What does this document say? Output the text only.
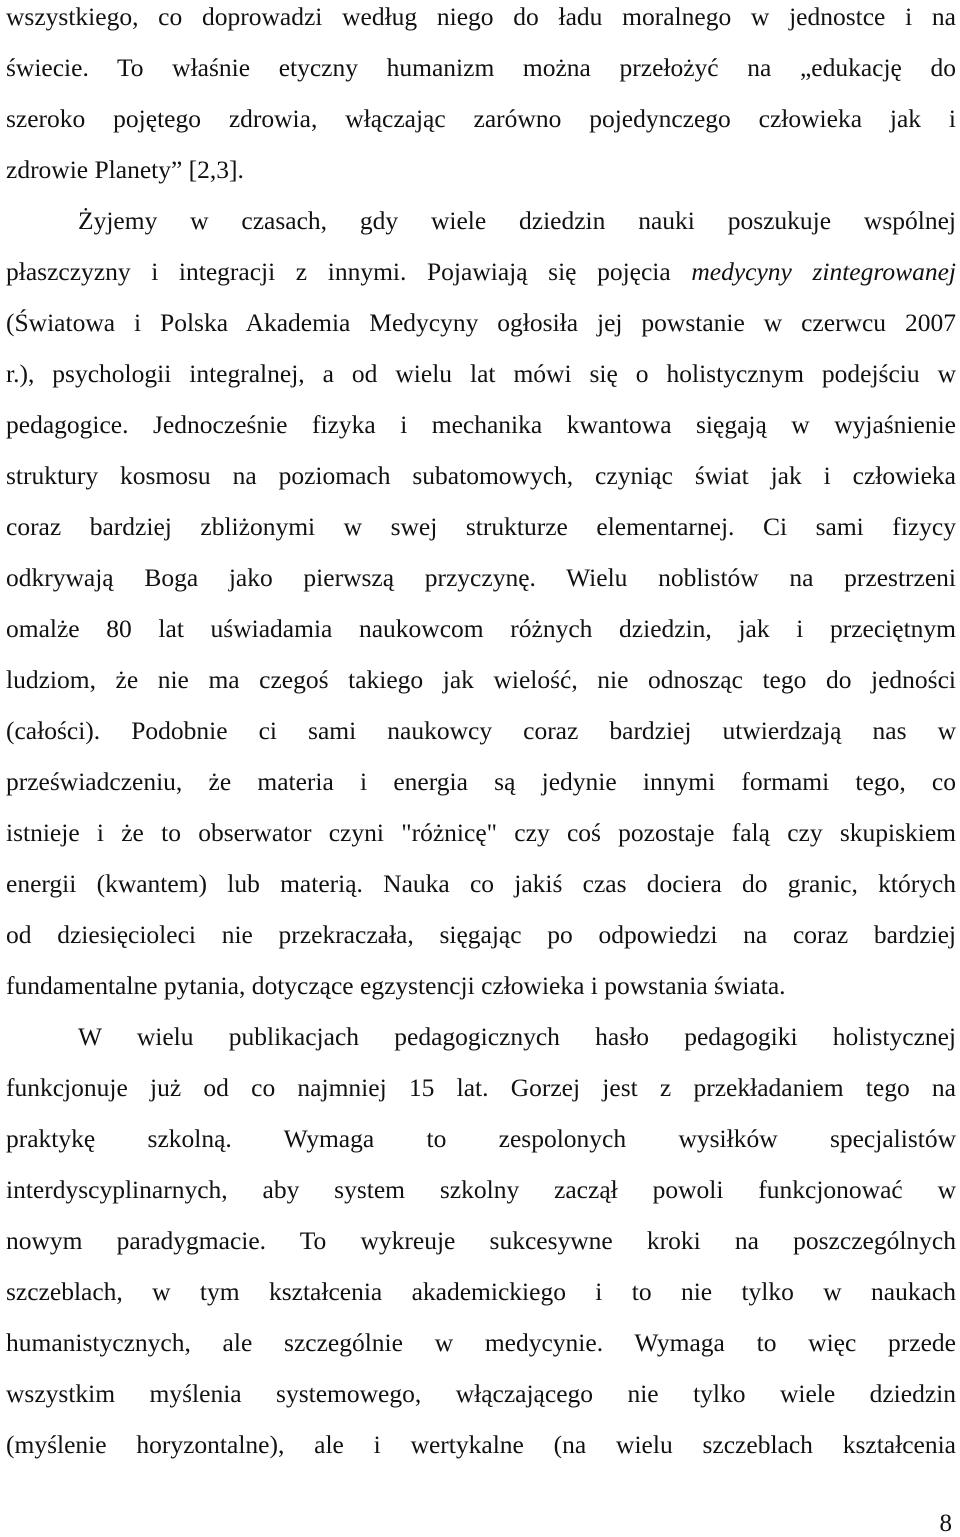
wszystkiego, co doprowadzi według niego do ładu moralnego w jednostce i na
świecie. To właśnie etyczny humanizm można przełożyć na „edukację do
szeroko pojętego zdrowia, włączając zarówno pojedynczego człowieka jak i
zdrowie Planety” [2,3].
Żyjemy w czasach, gdy wiele dziedzin nauki poszukuje wspólnej
płaszczyzny i integracji z innymi. Pojawiają się pojęcia medycyny zintegrowanej
(Światowa i Polska Akademia Medycyny ogłosiła jej powstanie w czerwcu 2007
r.), psychologii integralnej, a od wielu lat mówi się o holistycznym podejściu w
pedagogice. Jednocześnie fizyka i mechanika kwantowa sięgają w wyjaśnienie
struktury kosmosu na poziomach subatomowych, czyniąc świat jak i człowieka
coraz bardziej zbliżonymi w swej strukturze elementarnej. Ci sami fizycy
odkrywają Boga jako pierwszą przyczynę. Wielu noblistów na przestrzeni
omalże 80 lat uświadamia naukowcom różnych dziedzin, jak i przeciętnym
ludziom, że nie ma czegoś takiego jak wielość, nie odnosząc tego do jedności
(całości). Podobnie ci sami naukowcy coraz bardziej utwierdzają nas w
przeświadczeniu, że materia i energia są jedynie innymi formami tego, co
istnieje i że to obserwator czyni "różnicę" czy coś pozostaje falą czy skupiskiem
energii (kwantem) lub materią. Nauka co jakiś czas dociera do granic, których
od dziesięcioleci nie przekraczała, sięgając po odpowiedzi na coraz bardziej
fundamentalne pytania, dotyczące egzystencji człowieka i powstania świata.
W wielu publikacjach pedagogicznych hasło pedagogiki holistycznej
funkcjonuje już od co najmniej 15 lat. Gorzej jest z przekładaniem tego na
praktykę szkolną. Wymaga to zespolonych wysiłków specjalistów
interdyscyplinarnych, aby system szkolny zaczął powoli funkcjonować w
nowym paradygmacie. To wykreuje sukcesywne kroki na poszczególnych
szczeblach, w tym kształcenia akademickiego i to nie tylko w naukach
humanistycznych, ale szczególnie w medycynie. Wymaga to więc przede
wszystkim myślenia systemowego, włączającego nie tylko wiele dziedzin
(myślenie horyzontalne), ale i wertykalne (na wielu szczeblach kształcenia
8
